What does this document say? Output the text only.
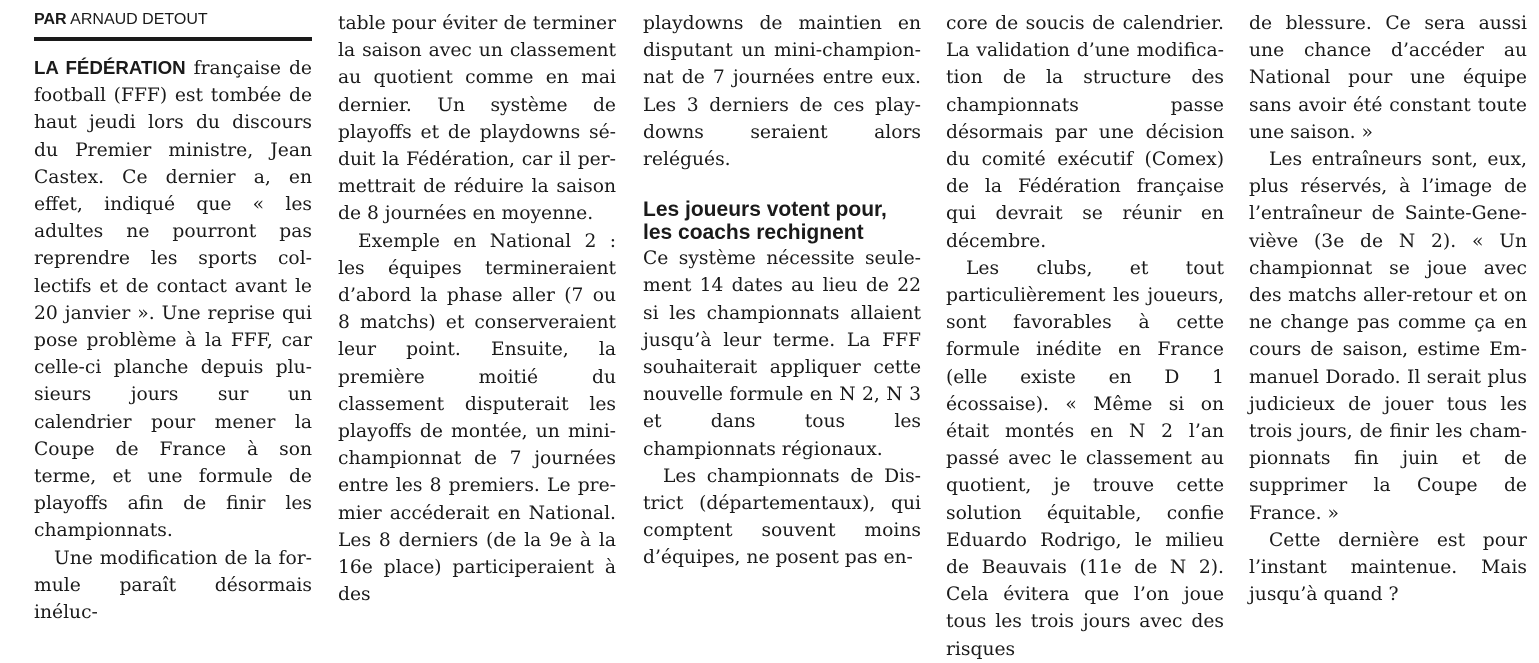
PAR ARNAUD DETOUT

LA FÉDÉRATION française de football (FFF) est tombée de haut jeudi lors du discours du Premier ministre, Jean Castex. Ce dernier a, en effet, indiqué que « les adultes ne pourront pas reprendre les sports collectifs et de contact avant le 20 janvier ». Une reprise qui pose problème à la FFF, car celle-ci planche depuis plusieurs jours sur un calendrier pour mener la Coupe de France à son terme, et une formule de playoffs afin de finir les championnats.

Une modification de la formule paraît désormais inéluc-

table pour éviter de terminer la saison avec un classement au quotient comme en mai dernier. Un système de playoffs et de playdowns séduit la Fédération, car il permettrait de réduire la saison de 8 journées en moyenne.

Exemple en National 2 : les équipes termineraient d’abord la phase aller (7 ou 8 matchs) et conserveraient leur point. Ensuite, la première moitié du classement disputerait les playoffs de montée, un mini-championnat de 7 journées entre les 8 premiers. Le premier accéderait en National. Les 8 derniers (de la 9e à la 16e place) participeraient à des

playdowns de maintien en disputant un mini-championnat de 7 journées entre eux. Les 3 derniers de ces playdowns seraient alors relégués.

Les joueurs votent pour,
les coachs rechignent

Ce système nécessite seulement 14 dates au lieu de 22 si les championnats allaient jusqu’à leur terme. La FFF souhaiterait appliquer cette nouvelle formule en N 2, N 3 et dans tous les championnats régionaux.

Les championnats de District (départementaux), qui comptent souvent moins d’équipes, ne posent pas en-

core de soucis de calendrier. La validation d’une modification de la structure des championnats passe désormais par une décision du comité exécutif (Comex) de la Fédération française qui devrait se réunir en décembre.

Les clubs, et tout particulièrement les joueurs, sont favorables à cette formule inédite en France (elle existe en D 1 écossaise). « Même si on était montés en N 2 l’an passé avec le classement au quotient, je trouve cette solution équitable, confie Eduardo Rodrigo, le milieu de Beauvais (11e de N 2). Cela évitera que l’on joue tous les trois jours avec des risques

de blessure. Ce sera aussi une chance d’accéder au National pour une équipe sans avoir été constant toute une saison. »

Les entraîneurs sont, eux, plus réservés, à l’image de l’entraîneur de Sainte-Geneviève (3e de N 2). « Un championnat se joue avec des matchs aller-retour et on ne change pas comme ça en cours de saison, estime Emmanuel Dorado. Il serait plus judicieux de jouer tous les trois jours, de finir les championnats fin juin et de supprimer la Coupe de France. »

Cette dernière est pour l’instant maintenue. Mais jusqu’à quand ?
